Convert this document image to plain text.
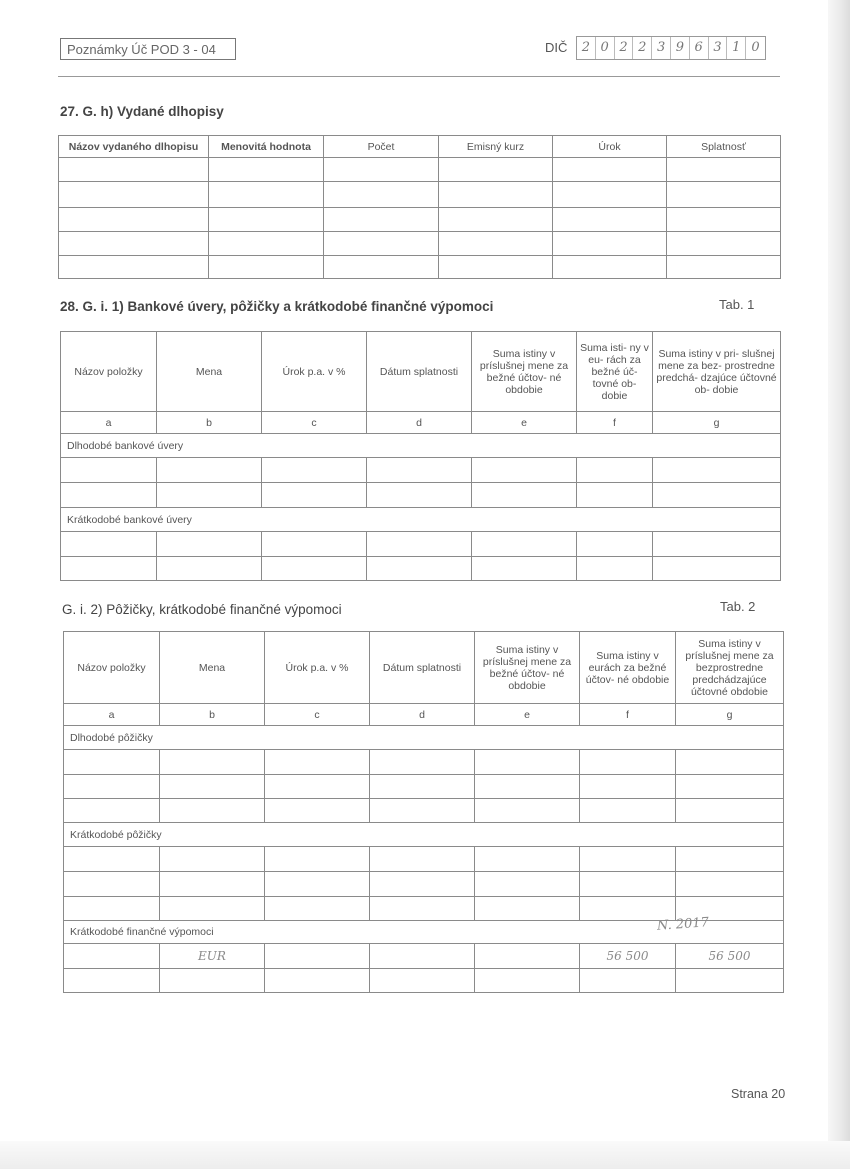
Poznámky Úč POD 3 - 04	DIČ	2 0 2 2 3 9 6 3 1 0
27. G. h) Vydané dlhopisy
Názov vydaného dlhopisu	Menovitá hodnota	Počet	Emisný kurz	Úrok	Splatnosť

28. G. i. 1) Bankové úvery, pôžičky a krátkodobé finančné výpomoci	Tab. 1
Názov položky	Mena	Úrok p.a. v %	Dátum splatnosti	Suma istiny v príslušnej mene za bežné účtov- né obdobie	Suma isti- ny v eu- rách za bežné úč- tovné ob- dobie	Suma istiny v pri- slušnej mene za bez- prostredne predchá- dzajúce účtovné ob- dobie
a	b	c	d	e	f	g
Dlhodobé bankové úvery						

Krátkodobé bankové úvery						

G. i. 2) Pôžičky, krátkodobé finančné výpomoci	Tab. 2
Názov položky	Mena	Úrok p.a. v %	Dátum splatnosti	Suma istiny v príslušnej mene za bežné účtov- né obdobie	Suma istiny v eurách za bežné účtov- né obdobie	Suma istiny v príslušnej mene za bezprostredne predchádzajúce účtovné obdobie
a	b	c	d	e	f	g
Dlhodobé pôžičky						

Krátkodobé pôžičky						

Krátkodobé finančné výpomoci						
	EUR				56 500	56 500

N. 2017
Strana 20
